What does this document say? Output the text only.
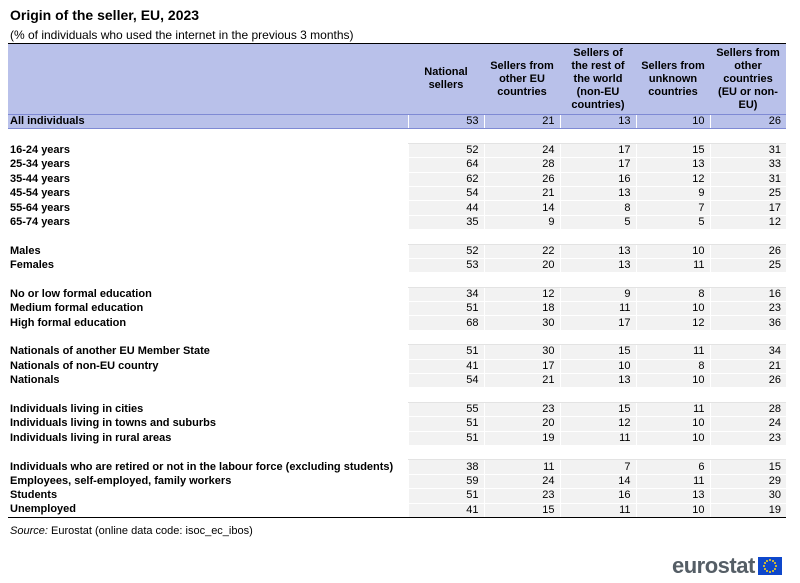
Origin of the seller, EU, 2023
(% of individuals who used the internet in the previous 3 months)
	National sellers	Sellers from other EU countries	Sellers of the rest of the world (non-EU countries)	Sellers from unknown countries	Sellers from other countries (EU or non-EU)
All individuals	53	21	13	10	26

16-24 years	52	24	17	15	31
25-34 years	64	28	17	13	33
35-44 years	62	26	16	12	31
45-54 years	54	21	13	9	25
55-64 years	44	14	8	7	17
65-74 years	35	9	5	5	12

Males	52	22	13	10	26
Females	53	20	13	11	25

No or low formal education	34	12	9	8	16
Medium formal education	51	18	11	10	23
High formal education	68	30	17	12	36

Nationals of another EU Member State	51	30	15	11	34
Nationals of non-EU country	41	17	10	8	21
Nationals	54	21	13	10	26

Individuals living in cities	55	23	15	11	28
Individuals living in towns and suburbs	51	20	12	10	24
Individuals living in rural areas	51	19	11	10	23

Individuals who are retired or not in the labour force (excluding students)	38	11	7	6	15
Employees, self-employed, family workers	59	24	14	11	29
Students	51	23	16	13	30
Unemployed	41	15	11	10	19
Source: Eurostat (online data code: isoc_ec_ibos)
eurostat
